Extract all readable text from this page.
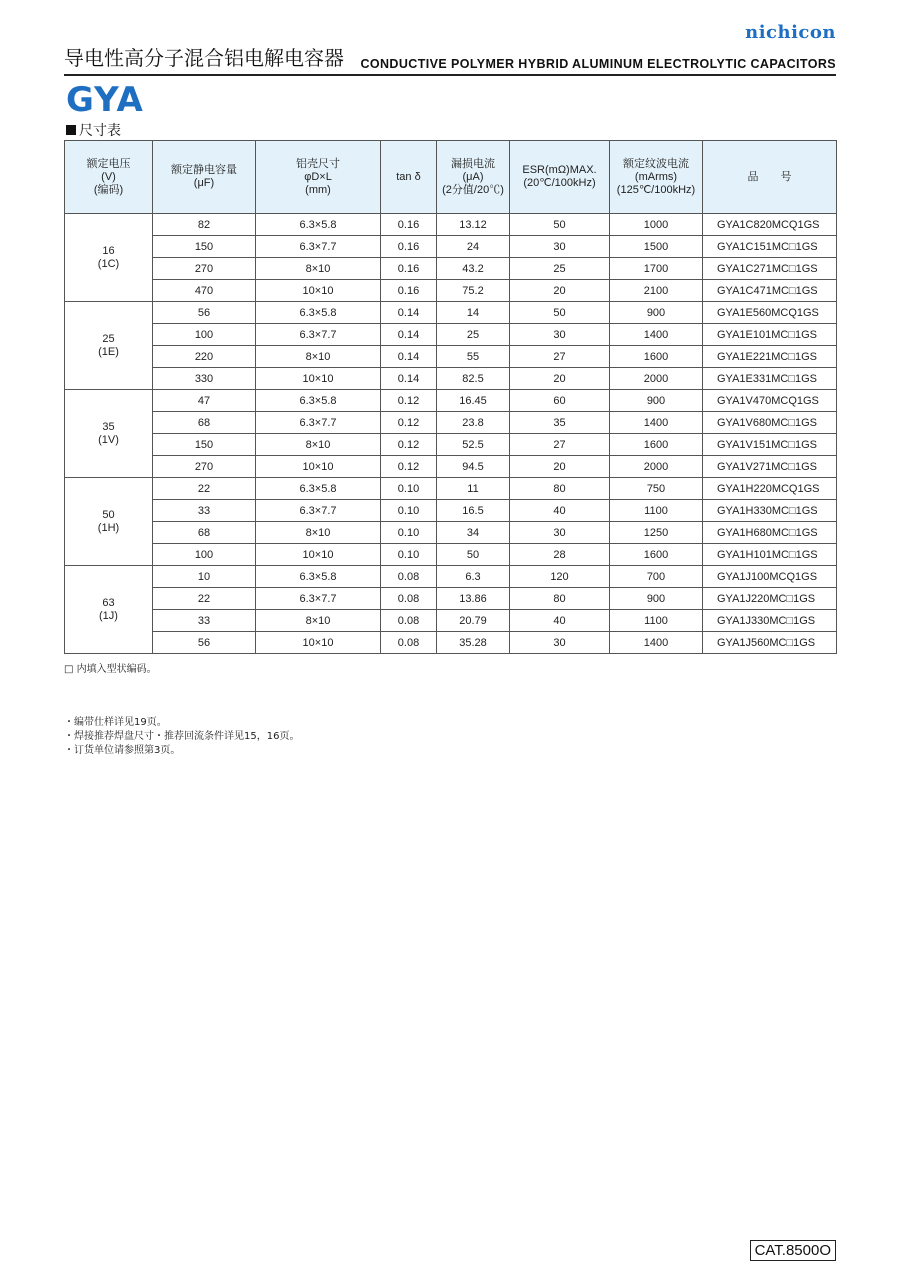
nichicon
导电性高分子混合铝电解电容器 CONDUCTIVE POLYMER HYBRID ALUMINUM ELECTROLYTIC CAPACITORS
GYA
尺寸表
额定电压
(V)
(编码)	额定静电容量
(μF)	铝壳尺寸
φD×L
(mm)	tan δ	漏损电流
(μA)
(2分值/20℃)	ESR(mΩ)MAX.
(20℃/100kHz)	额定纹波电流
(mArms)
(125℃/100kHz)	品　　号
16
(1C)	82	6.3×5.8	0.16	13.12	50	1000	GYA1C820MCQ1GS
	150	6.3×7.7	0.16	24	30	1500	GYA1C151MC□1GS
	270	8×10	0.16	43.2	25	1700	GYA1C271MC□1GS
	470	10×10	0.16	75.2	20	2100	GYA1C471MC□1GS
25
(1E)	56	6.3×5.8	0.14	14	50	900	GYA1E560MCQ1GS
	100	6.3×7.7	0.14	25	30	1400	GYA1E101MC□1GS
	220	8×10	0.14	55	27	1600	GYA1E221MC□1GS
	330	10×10	0.14	82.5	20	2000	GYA1E331MC□1GS
35
(1V)	47	6.3×5.8	0.12	16.45	60	900	GYA1V470MCQ1GS
	68	6.3×7.7	0.12	23.8	35	1400	GYA1V680MC□1GS
	150	8×10	0.12	52.5	27	1600	GYA1V151MC□1GS
	270	10×10	0.12	94.5	20	2000	GYA1V271MC□1GS
50
(1H)	22	6.3×5.8	0.10	11	80	750	GYA1H220MCQ1GS
	33	6.3×7.7	0.10	16.5	40	1100	GYA1H330MC□1GS
	68	8×10	0.10	34	30	1250	GYA1H680MC□1GS
	100	10×10	0.10	50	28	1600	GYA1H101MC□1GS
63
(1J)	10	6.3×5.8	0.08	6.3	120	700	GYA1J100MCQ1GS
	22	6.3×7.7	0.08	13.86	80	900	GYA1J220MC□1GS
	33	8×10	0.08	20.79	40	1100	GYA1J330MC□1GS
	56	10×10	0.08	35.28	30	1400	GYA1J560MC□1GS
□ 内填入型状编码。
・ 编带仕样详见19页。
・ 焊接推荐焊盘尺寸・推荐回流条件详见15，16页。
・ 订货单位请参照第3页。
CAT.8500O
